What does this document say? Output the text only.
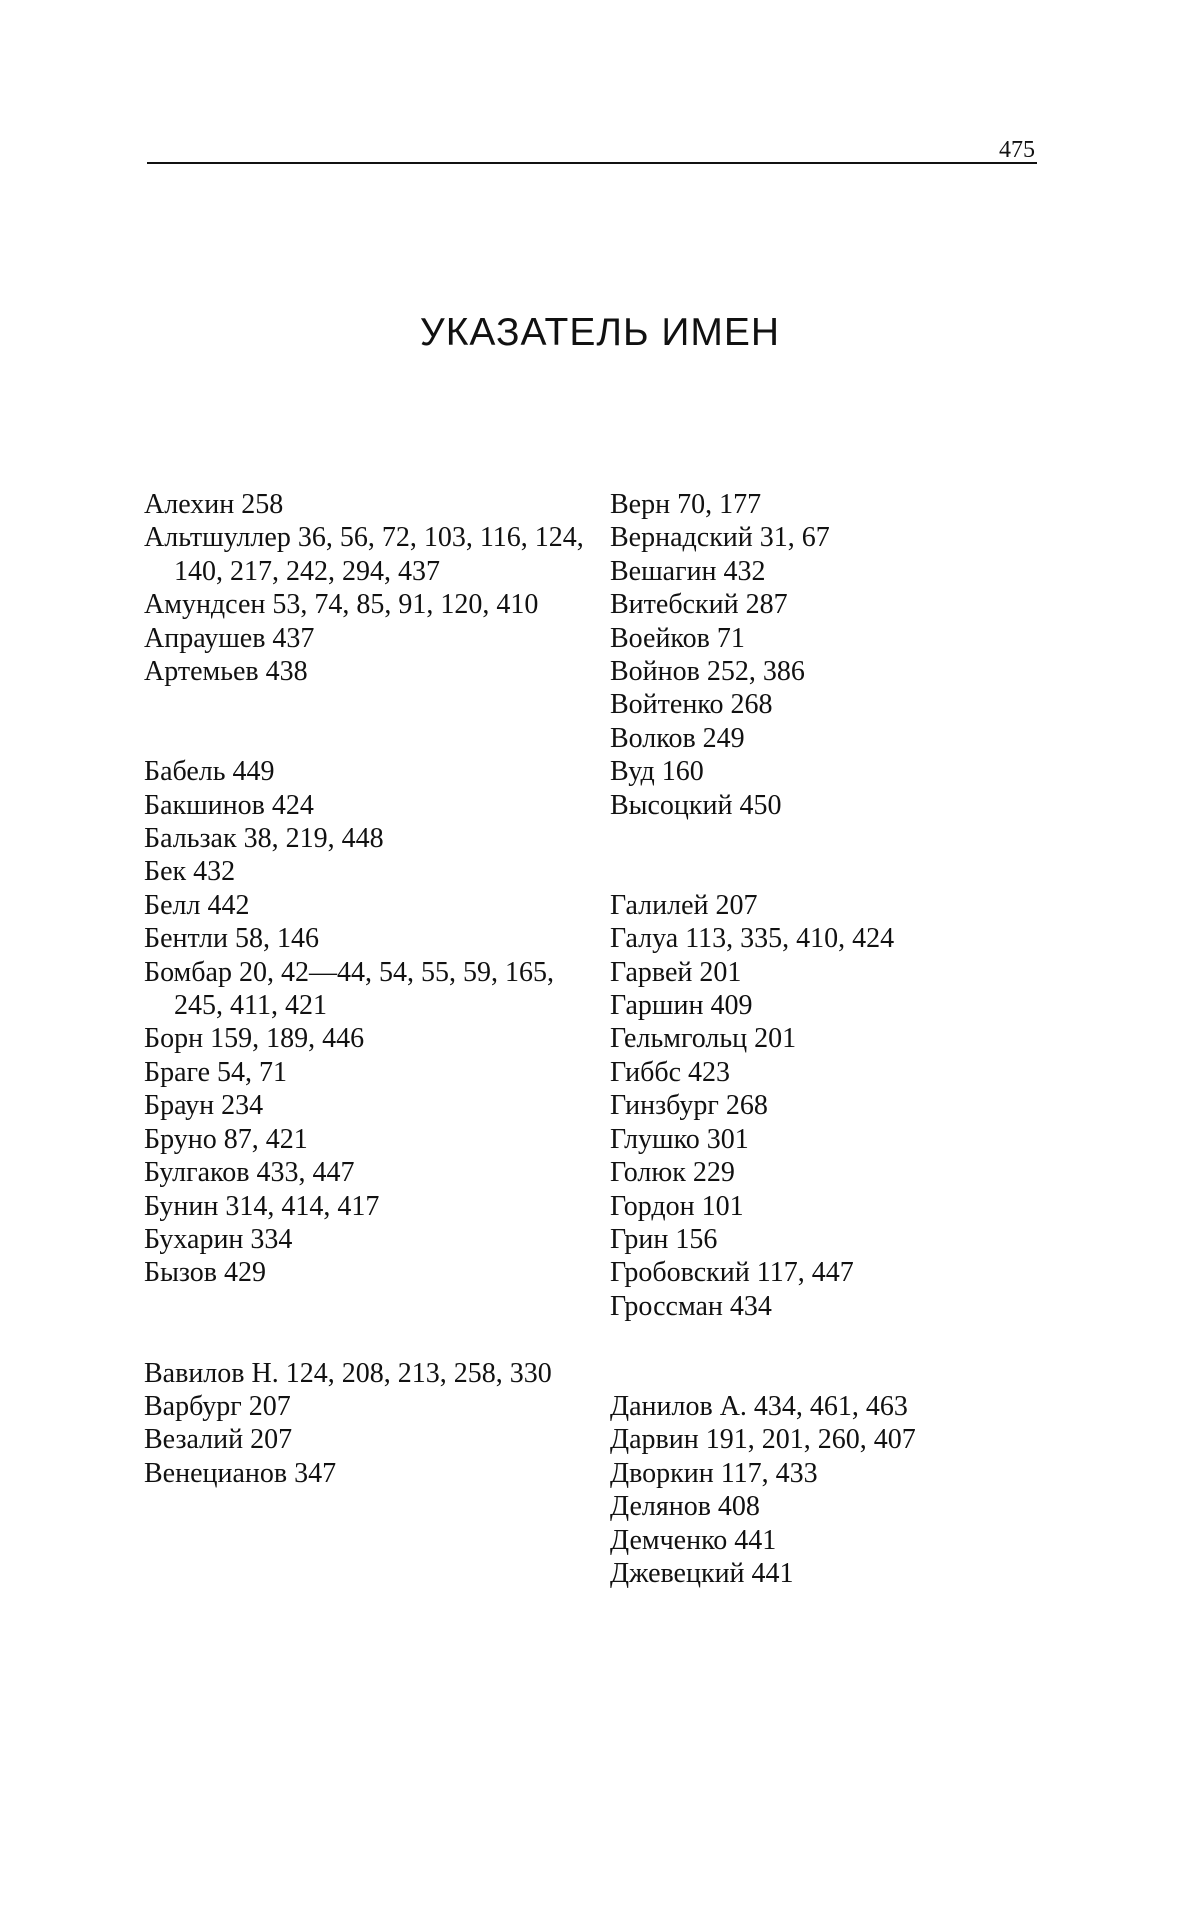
475
УКАЗАТЕЛЬ ИМЕН
Алехин 258
Альтшуллер 36, 56, 72, 103, 116, 124, 140, 217, 242, 294, 437
Амундсен 53, 74, 85, 91, 120, 410
Апраушев 437
Артемьев 438
Бабель 449
Бакшинов 424
Бальзак 38, 219, 448
Бек 432
Белл 442
Бентли 58, 146
Бомбар 20, 42—44, 54, 55, 59, 165, 245, 411, 421
Борн 159, 189, 446
Браге 54, 71
Браун 234
Бруно 87, 421
Булгаков 433, 447
Бунин 314, 414, 417
Бухарин 334
Бызов 429
Вавилов Н. 124, 208, 213, 258, 330
Варбург 207
Везалий 207
Венецианов 347
Верн 70, 177
Вернадский 31, 67
Вешагин 432
Витебский 287
Воейков 71
Войнов 252, 386
Войтенко 268
Волков 249
Вуд 160
Высоцкий 450
Галилей 207
Галуа 113, 335, 410, 424
Гарвей 201
Гаршин 409
Гельмгольц 201
Гиббс 423
Гинзбург 268
Глушко 301
Голюк 229
Гордон 101
Грин 156
Гробовский 117, 447
Гроссман 434
Данилов А. 434, 461, 463
Дарвин 191, 201, 260, 407
Дворкин 117, 433
Делянов 408
Демченко 441
Джевецкий 441
